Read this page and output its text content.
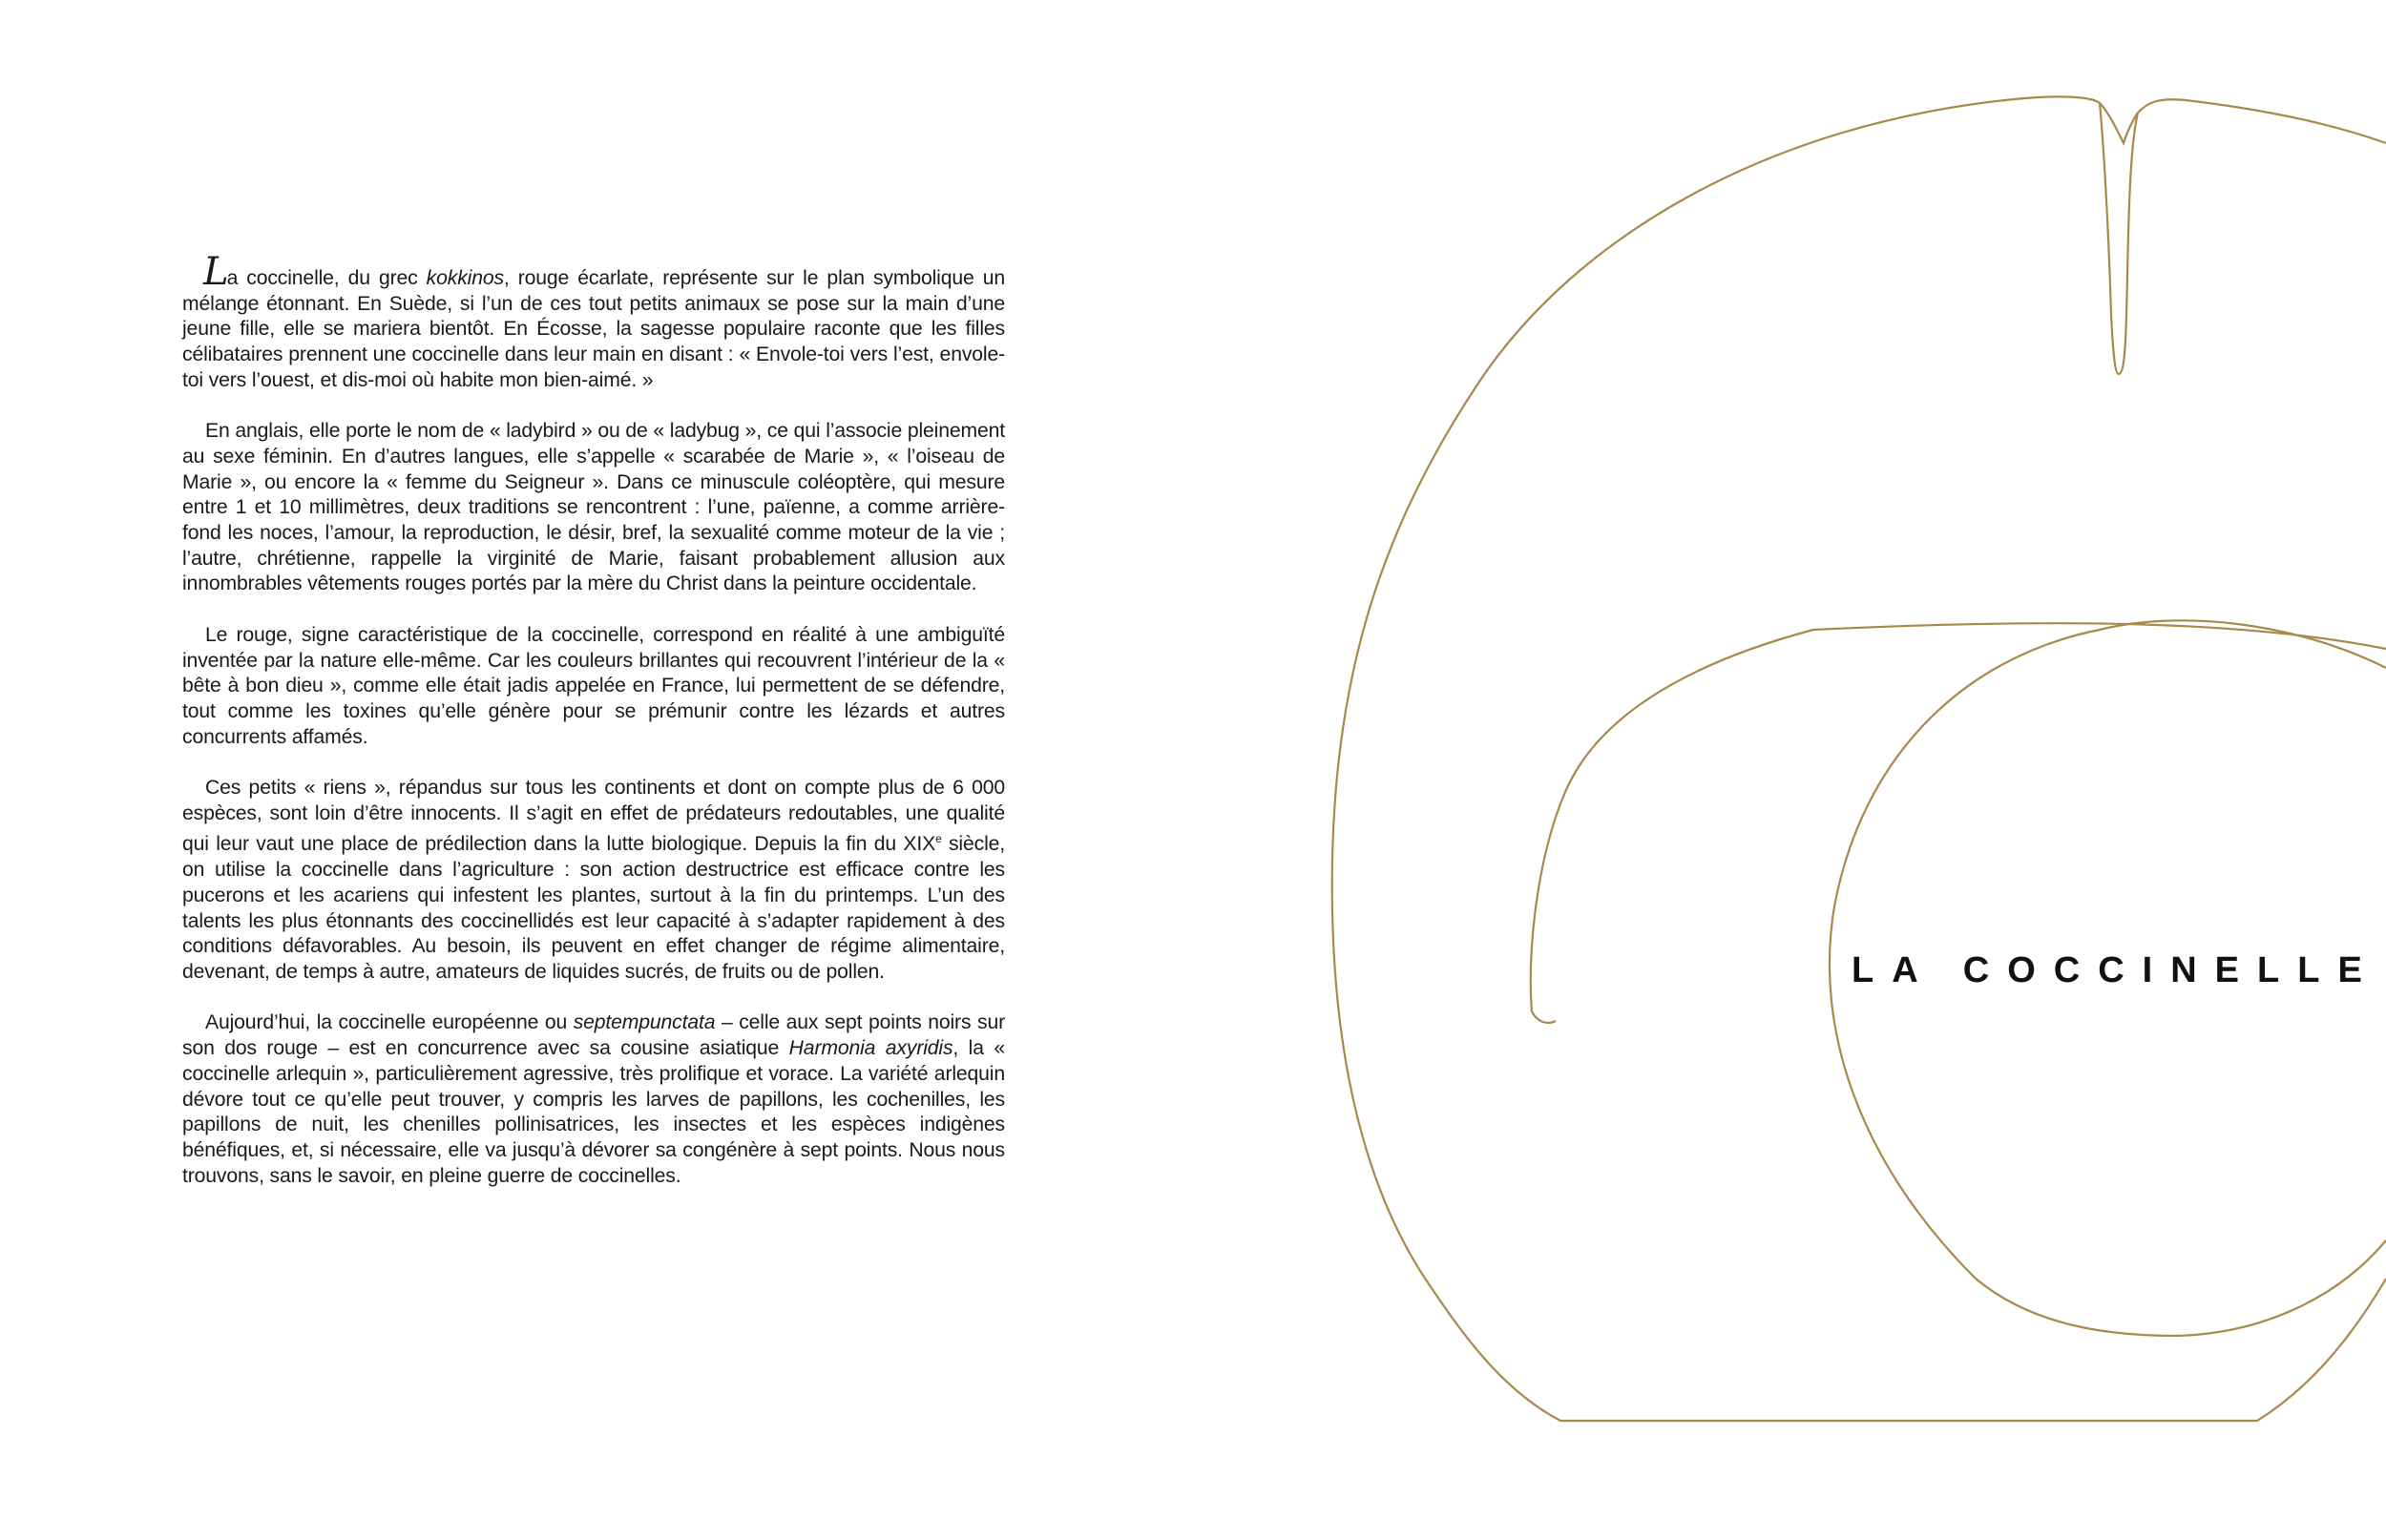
La coccinelle, du grec kokkinos, rouge écarlate, représente sur le plan symbolique un mélange étonnant. En Suède, si l’un de ces tout petits animaux se pose sur la main d’une jeune fille, elle se mariera bientôt. En Écosse, la sagesse populaire raconte que les filles célibataires prennent une coccinelle dans leur main en disant : « Envole-toi vers l’est, envole-toi vers l’ouest, et dis-moi où habite mon bien-aimé. »

En anglais, elle porte le nom de « ladybird » ou de « ladybug », ce qui l’associe pleinement au sexe féminin. En d’autres langues, elle s’appelle « scarabée de Marie », « l’oiseau de Marie », ou encore la « femme du Seigneur ». Dans ce minuscule coléoptère, qui mesure entre 1 et 10 millimètres, deux traditions se rencontrent : l’une, païenne, a comme arrière-fond les noces, l’amour, la reproduction, le désir, bref, la sexualité comme moteur de la vie ; l’autre, chrétienne, rappelle la virginité de Marie, faisant probablement allusion aux innombrables vêtements rouges portés par la mère du Christ dans la peinture occidentale.

Le rouge, signe caractéristique de la coccinelle, correspond en réalité à une ambiguïté inventée par la nature elle-même. Car les couleurs brillantes qui recouvrent l’intérieur de la « bête à bon dieu », comme elle était jadis appelée en France, lui permettent de se défendre, tout comme les toxines qu’elle génère pour se prémunir contre les lézards et autres concurrents affamés.

Ces petits « riens », répandus sur tous les continents et dont on compte plus de 6 000 espèces, sont loin d’être innocents. Il s’agit en effet de prédateurs redoutables, une qualité qui leur vaut une place de prédilection dans la lutte biologique. Depuis la fin du XIXe siècle, on utilise la coccinelle dans l’agriculture : son action destructrice est efficace contre les pucerons et les acariens qui infestent les plantes, surtout à la fin du printemps. L’un des talents les plus étonnants des coccinellidés est leur capacité à s’adapter rapidement à des conditions défavorables. Au besoin, ils peuvent en effet changer de régime alimentaire, devenant, de temps à autre, amateurs de liquides sucrés, de fruits ou de pollen.

Aujourd’hui, la coccinelle européenne ou septempunctata – celle aux sept points noirs sur son dos rouge – est en concurrence avec sa cousine asiatique Harmonia axyridis, la « coccinelle arlequin », particulièrement agressive, très prolifique et vorace. La variété arlequin dévore tout ce qu’elle peut trouver, y compris les larves de papillons, les cochenilles, les papillons de nuit, les chenilles pollinisatrices, les insectes et les espèces indigènes bénéfiques, et, si nécessaire, elle va jusqu’à dévorer sa congénère à sept points. Nous nous trouvons, sans le savoir, en pleine guerre de coccinelles.

LA COCCINELLE
